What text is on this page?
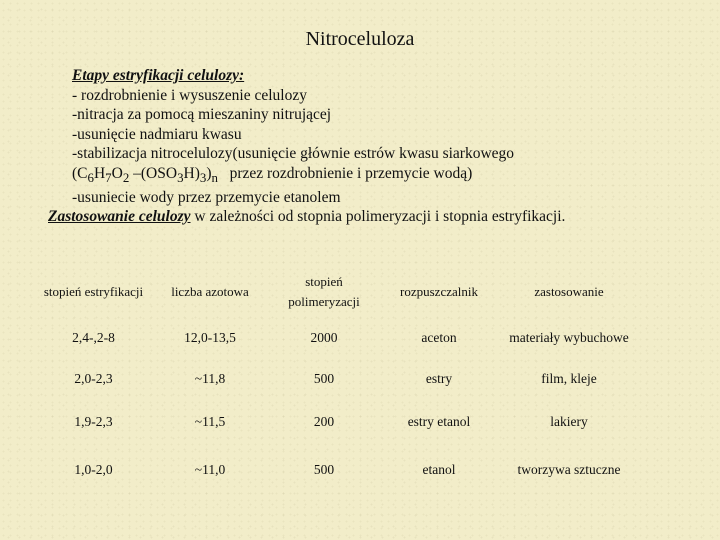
Nitroceluloza
Etapy estryfikacji celulozy:
- rozdrobnienie i wysuszenie celulozy
-nitracja za pomocą mieszaniny nitrującej
-usunięcie nadmiaru kwasu
-stabilizacja nitrocelulozy(usunięcie głównie estrów kwasu siarkowego
($C_6H_7O_2$ $-(OSO_3H)_3)_n$ przez rozdrobnienie i przemycie wodą)
-usuniecie wody przez przemycie etanolem
Zastosowanie celulozy w zależności od stopnia polimeryzacji i stopnia estryfikacji.
stopień estryfikacji	liczba azotowa	stopień polimeryzacji	rozpuszczalnik	zastosowanie
2,4-,2-8	12,0-13,5	2000	aceton	materiały wybuchowe
2,0-2,3	~11,8	500	estry	film, kleje
1,9-2,3	~11,5	200	estry etanol	lakiery
1,0-2,0	~11,0	500	etanol	tworzywa sztuczne
